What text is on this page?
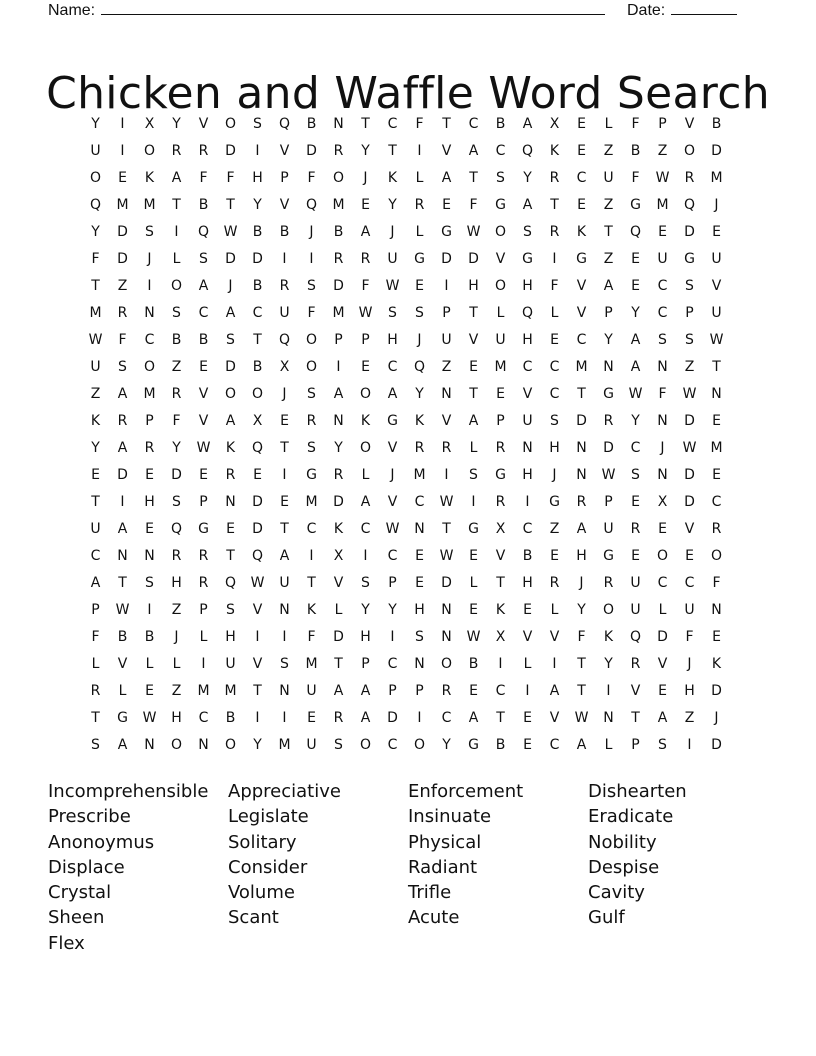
Name:	Date:
Chicken and Waffle Word Search
Y	I	X	Y	V	O	S	Q	B	N	T	C	F	T	C	B	A	X	E	L	F	P	V	B
U	I	O	R	R	D	I	V	D	R	Y	T	I	V	A	C	Q	K	E	Z	B	Z	O	D
O	E	K	A	F	F	H	P	F	O	J	K	L	A	T	S	Y	R	C	U	F	W	R	M
Q	M	M	T	B	T	Y	V	Q	M	E	Y	R	E	F	G	A	T	E	Z	G	M	Q	J
Y	D	S	I	Q	W	B	B	J	B	A	J	L	G	W	O	S	R	K	T	Q	E	D	E
F	D	J	L	S	D	D	I	I	R	R	U	G	D	D	V	G	I	G	Z	E	U	G	U
T	Z	I	O	A	J	B	R	S	D	F	W	E	I	H	O	H	F	V	A	E	C	S	V
M	R	N	S	C	A	C	U	F	M	W	S	S	P	T	L	Q	L	V	P	Y	C	P	U
W	F	C	B	B	S	T	Q	O	P	P	H	J	U	V	U	H	E	C	Y	A	S	S	W
U	S	O	Z	E	D	B	X	O	I	E	C	Q	Z	E	M	C	C	M	N	A	N	Z	T
Z	A	M	R	V	O	O	J	S	A	O	A	Y	N	T	E	V	C	T	G	W	F	W	N
K	R	P	F	V	A	X	E	R	N	K	G	K	V	A	P	U	S	D	R	Y	N	D	E
Y	A	R	Y	W	K	Q	T	S	Y	O	V	R	R	L	R	N	H	N	D	C	J	W	M
E	D	E	D	E	R	E	I	G	R	L	J	M	I	S	G	H	J	N	W	S	N	D	E
T	I	H	S	P	N	D	E	M	D	A	V	C	W	I	R	I	G	R	P	E	X	D	C
U	A	E	Q	G	E	D	T	C	K	C	W	N	T	G	X	C	Z	A	U	R	E	V	R
C	N	N	R	R	T	Q	A	I	X	I	C	E	W	E	V	B	E	H	G	E	O	E	O
A	T	S	H	R	Q	W	U	T	V	S	P	E	D	L	T	H	R	J	R	U	C	C	F
P	W	I	Z	P	S	V	N	K	L	Y	Y	H	N	E	K	E	L	Y	O	U	L	U	N
F	B	B	J	L	H	I	I	F	D	H	I	S	N	W	X	V	V	F	K	Q	D	F	E
L	V	L	L	I	U	V	S	M	T	P	C	N	O	B	I	L	I	T	Y	R	V	J	K
R	L	E	Z	M	M	T	N	U	A	A	P	P	R	E	C	I	A	T	I	V	E	H	D
T	G	W	H	C	B	I	I	E	R	A	D	I	C	A	T	E	V	W	N	T	A	Z	J
S	A	N	O	N	O	Y	M	U	S	O	C	O	Y	G	B	E	C	A	L	P	S	I	D
Incomprehensible	Appreciative	Enforcement	Dishearten
Prescribe	Legislate	Insinuate	Eradicate
Anonoymus	Solitary	Physical	Nobility
Displace	Consider	Radiant	Despise
Crystal	Volume	Trifle	Cavity
Sheen	Scant	Acute	Gulf
Flex
